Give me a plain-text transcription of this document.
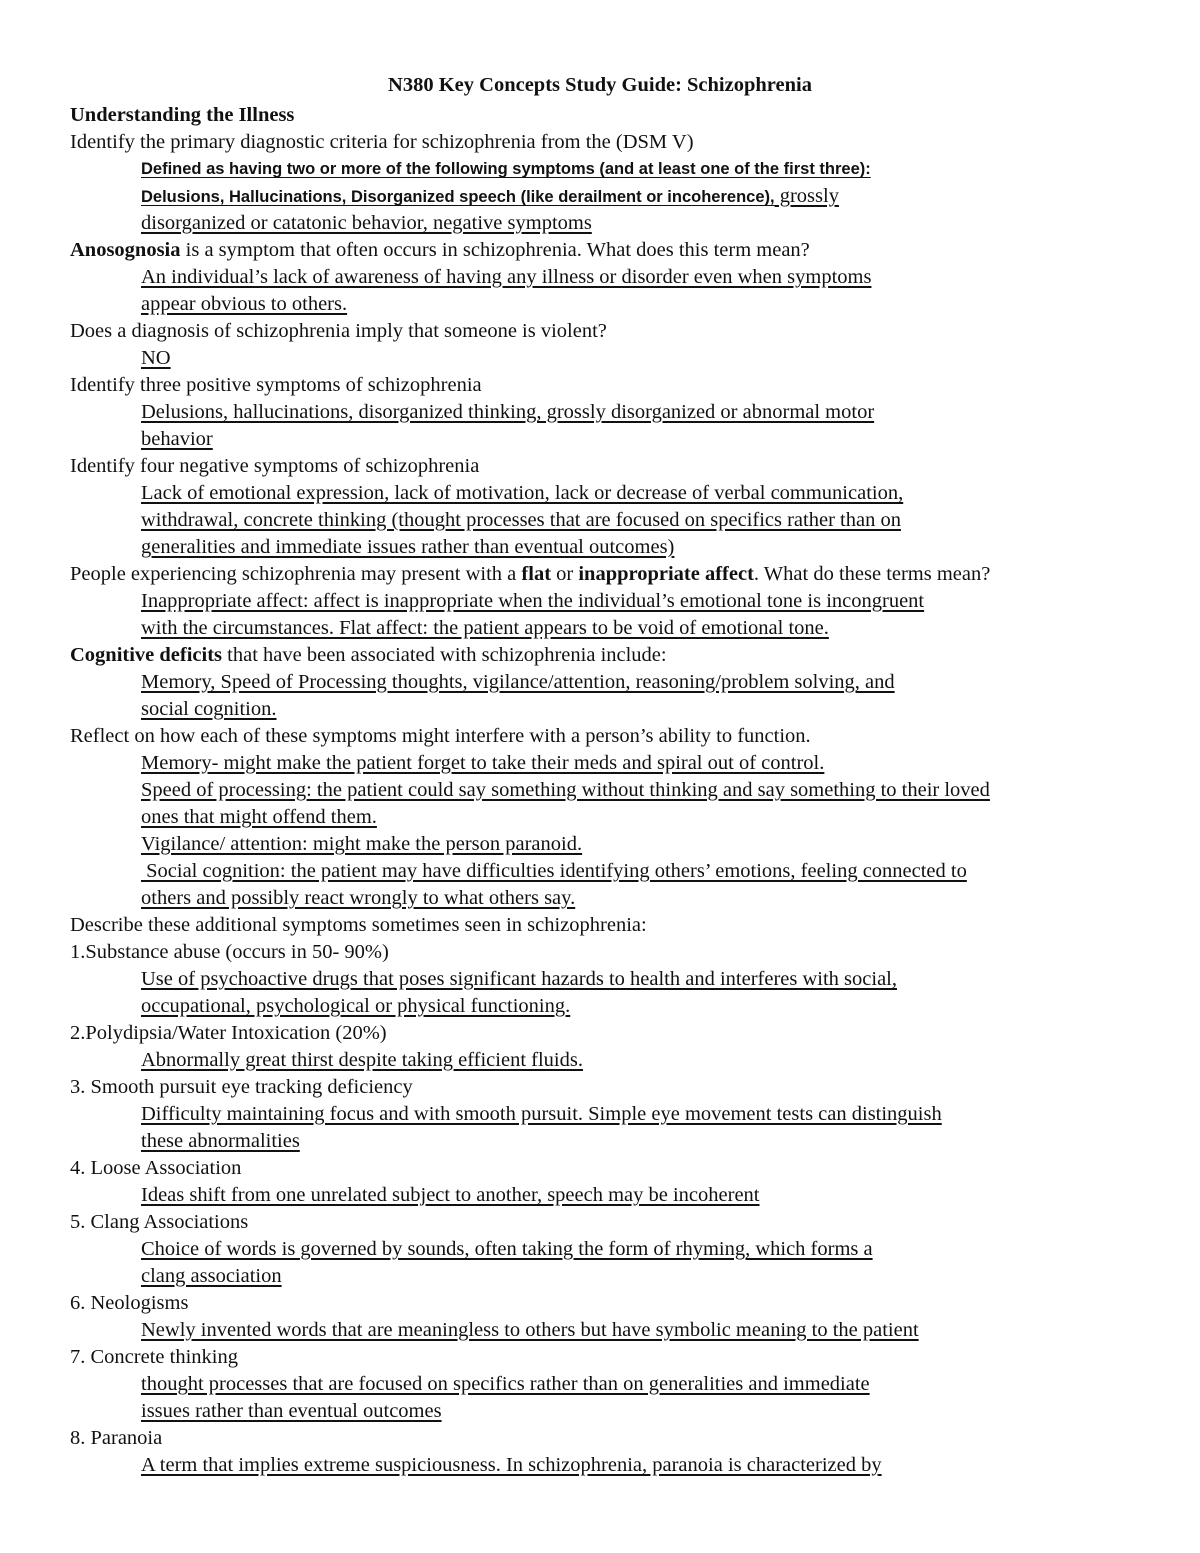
N380 Key Concepts Study Guide: Schizophrenia
Understanding the Illness
Identify the primary diagnostic criteria for schizophrenia from the (DSM V)
Defined as having two or more of the following symptoms (and at least one of the first three):
Delusions, Hallucinations, Disorganized speech (like derailment or incoherence), grossly
disorganized or catatonic behavior, negative symptoms
Anosognosia is a symptom that often occurs in schizophrenia. What does this term mean?
An individual’s lack of awareness of having any illness or disorder even when symptoms
appear obvious to others.
Does a diagnosis of schizophrenia imply that someone is violent?
NO
Identify three positive symptoms of schizophrenia
Delusions, hallucinations, disorganized thinking, grossly disorganized or abnormal motor
behavior
Identify four negative symptoms of schizophrenia
Lack of emotional expression, lack of motivation, lack or decrease of verbal communication,
withdrawal, concrete thinking (thought processes that are focused on specifics rather than on
generalities and immediate issues rather than eventual outcomes)
People experiencing schizophrenia may present with a flat or inappropriate affect. What do these terms mean?
Inappropriate affect: affect is inappropriate when the individual’s emotional tone is incongruent
with the circumstances. Flat affect: the patient appears to be void of emotional tone.
Cognitive deficits that have been associated with schizophrenia include:
Memory, Speed of Processing thoughts, vigilance/attention, reasoning/problem solving, and
social cognition.
Reflect on how each of these symptoms might interfere with a person’s ability to function.
Memory- might make the patient forget to take their meds and spiral out of control.
Speed of processing: the patient could say something without thinking and say something to their loved
ones that might offend them.
Vigilance/ attention: might make the person paranoid.
Social cognition: the patient may have difficulties identifying others’ emotions, feeling connected to
others and possibly react wrongly to what others say.
Describe these additional symptoms sometimes seen in schizophrenia:
1.Substance abuse (occurs in 50- 90%)
Use of psychoactive drugs that poses significant hazards to health and interferes with social,
occupational, psychological or physical functioning.
2.Polydipsia/Water Intoxication (20%)
Abnormally great thirst despite taking efficient fluids.
3. Smooth pursuit eye tracking deficiency
Difficulty maintaining focus and with smooth pursuit. Simple eye movement tests can distinguish
these abnormalities
4. Loose Association
Ideas shift from one unrelated subject to another, speech may be incoherent
5. Clang Associations
Choice of words is governed by sounds, often taking the form of rhyming, which forms a
clang association
6. Neologisms
Newly invented words that are meaningless to others but have symbolic meaning to the patient
7. Concrete thinking
thought processes that are focused on specifics rather than on generalities and immediate
issues rather than eventual outcomes
8. Paranoia
A term that implies extreme suspiciousness. In schizophrenia, paranoia is characterized by
